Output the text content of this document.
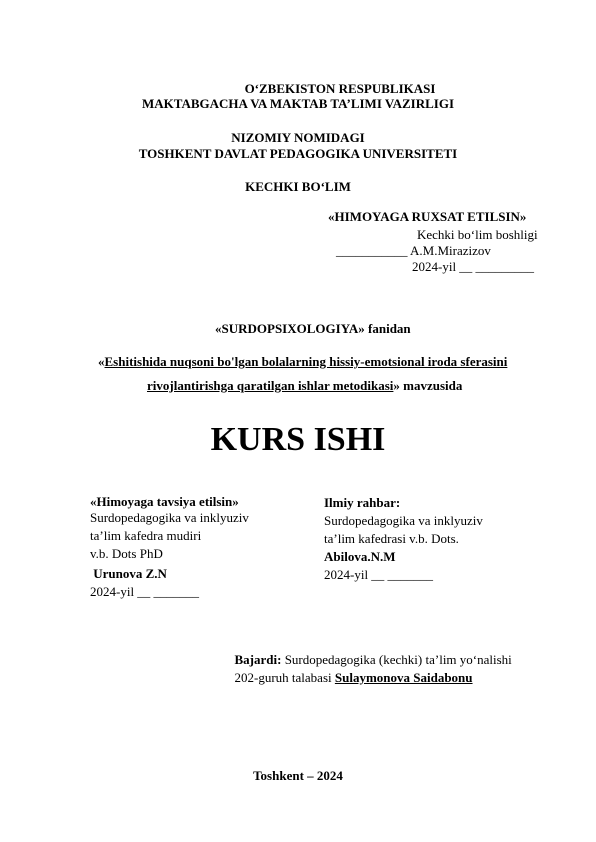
O‘ZBEKISTON RESPUBLIKASI
MAKTABGACHA VA MAKTAB TA’LIMI VAZIRLIGI
NIZOMIY NOMIDAGI
TOSHKENT DAVLAT PEDAGOGIKA UNIVERSITETI
KECHKI BO‘LIM
«HIMOYAGA RUXSAT ETILSIN»
Kechki bo‘lim boshligi
___________ A.M.Mirazizov
2024-yil __ _________
«SURDOPSIXOLOGIYA» fanidan
«Eshitishida nuqsoni bo'lgan bolalarning hissiy-emotsional iroda sferasini
rivojlantirishga qaratilgan ishlar metodikasi» mavzusida
KURS ISHI
«Himoyaga tavsiya etilsin»
Surdopedagogika va inklyuziv
ta’lim kafedra mudiri
v.b. Dots PhD
Urunova Z.N
2024-yil __ _______
Ilmiy rahbar:
Surdopedagogika va inklyuziv
ta’lim kafedrasi v.b. Dots.
Abilova.N.M
2024-yil __ _______

Bajardi: Surdopedagogika (kechki) ta’lim yo‘nalishi

202-guruh talabasi Sulaymonova Saidabonu

Toshkent – 2024
